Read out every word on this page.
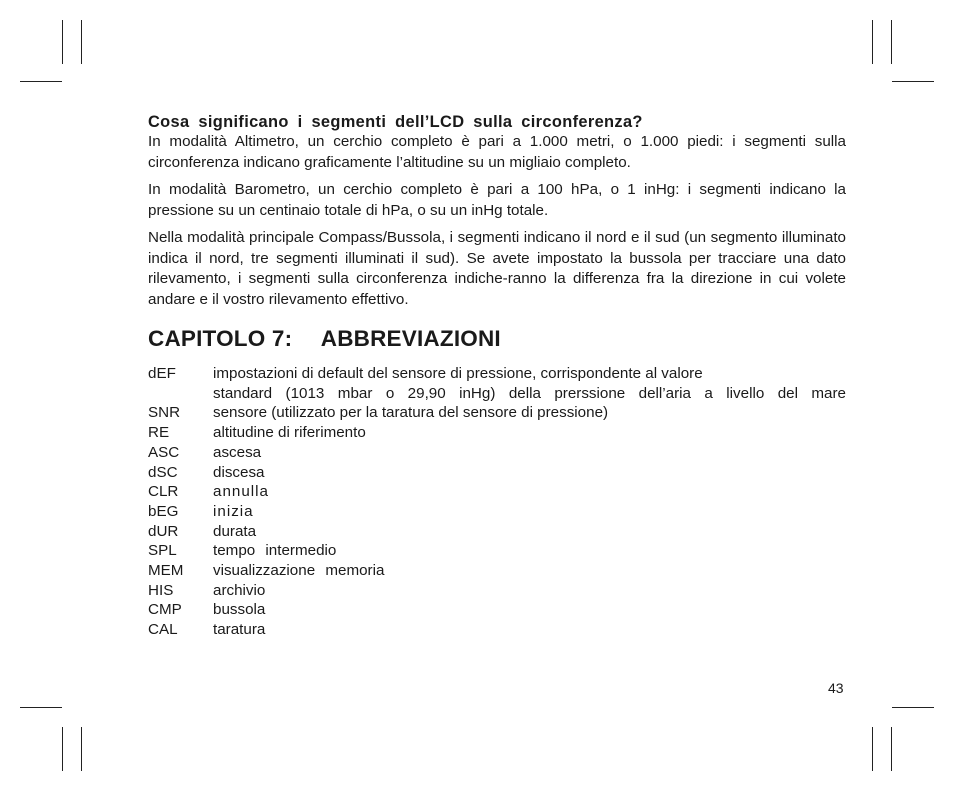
Cosa significano i segmenti dell’LCD sulla circonferenza?

In modalità Altimetro, un cerchio completo è pari a 1.000 metri, o 1.000 piedi: i segmenti sulla circonferenza indicano graficamente l’altitudine su un migliaio completo.

In modalità Barometro, un cerchio completo è pari a 100 hPa, o 1 inHg: i segmenti indicano la pressione su un centinaio totale di hPa, o su un inHg totale.

Nella modalità principale Compass/Bussola, i segmenti indicano il nord e il sud (un segmento illuminato indica il nord, tre segmenti illuminati il sud). Se avete impostato la bussola per tracciare una dato rilevamento, i segmenti sulla circonferenza indiche-ranno la differenza fra la direzione in cui volete andare e il vostro rilevamento effettivo.

CAPITOLO 7: ABBREVIAZIONI
dEF	impostazioni di default del sensore di pressione, corrispondente al valore
standard (1013 mbar o 29,90 inHg) della prerssione dell’aria a livello del mare
SNR	sensore (utilizzato per la taratura del sensore di pressione)
RE	altitudine di riferimento
ASC	ascesa
dSC	discesa
CLR	annulla
bEG	inizia
dUR	durata
SPL	tempo intermedio
MEM	visualizzazione memoria
HIS	archivio
CMP	bussola
CAL	taratura
43
